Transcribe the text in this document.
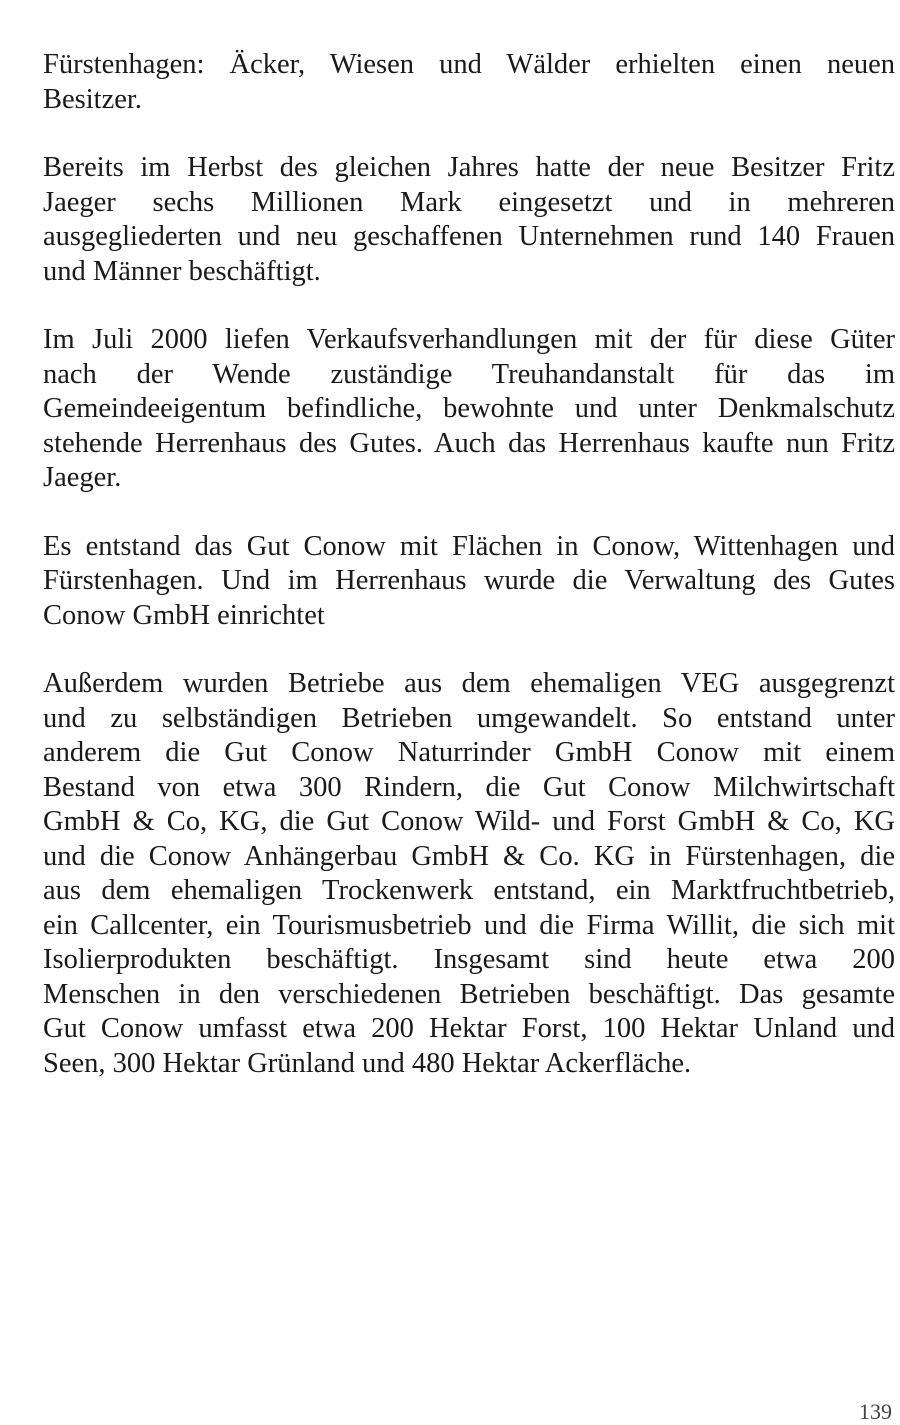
Fürstenhagen: Äcker, Wiesen und Wälder erhielten einen neuen
Besitzer.

Bereits im Herbst des gleichen Jahres hatte der neue Besitzer Fritz
Jaeger sechs Millionen Mark eingesetzt und in mehreren
ausgegliederten und neu geschaffenen Unternehmen rund 140 Frauen
und Männer beschäftigt.

Im Juli 2000 liefen Verkaufsverhandlungen mit der für diese Güter
nach der Wende zuständige Treuhandanstalt für das im
Gemeindeeigentum befindliche, bewohnte und unter Denkmalschutz
stehende Herrenhaus des Gutes. Auch das Herrenhaus kaufte nun Fritz
Jaeger.

Es entstand das Gut Conow mit Flächen in Conow, Wittenhagen und
Fürstenhagen. Und im Herrenhaus wurde die Verwaltung des Gutes
Conow GmbH einrichtet

Außerdem wurden Betriebe aus dem ehemaligen VEG ausgegrenzt
und zu selbständigen Betrieben umgewandelt. So entstand unter
anderem die Gut Conow Naturrinder GmbH Conow mit einem
Bestand von etwa 300 Rindern, die Gut Conow Milchwirtschaft
GmbH & Co, KG, die Gut Conow Wild- und Forst GmbH & Co, KG
und die Conow Anhängerbau GmbH & Co. KG in Fürstenhagen, die
aus dem ehemaligen Trockenwerk entstand, ein Marktfruchtbetrieb,
ein Callcenter, ein Tourismusbetrieb und die Firma Willit, die sich mit
Isolierprodukten beschäftigt. Insgesamt sind heute etwa 200
Menschen in den verschiedenen Betrieben beschäftigt. Das gesamte
Gut Conow umfasst etwa 200 Hektar Forst, 100 Hektar Unland und
Seen, 300 Hektar Grünland und 480 Hektar Ackerfläche.

139
